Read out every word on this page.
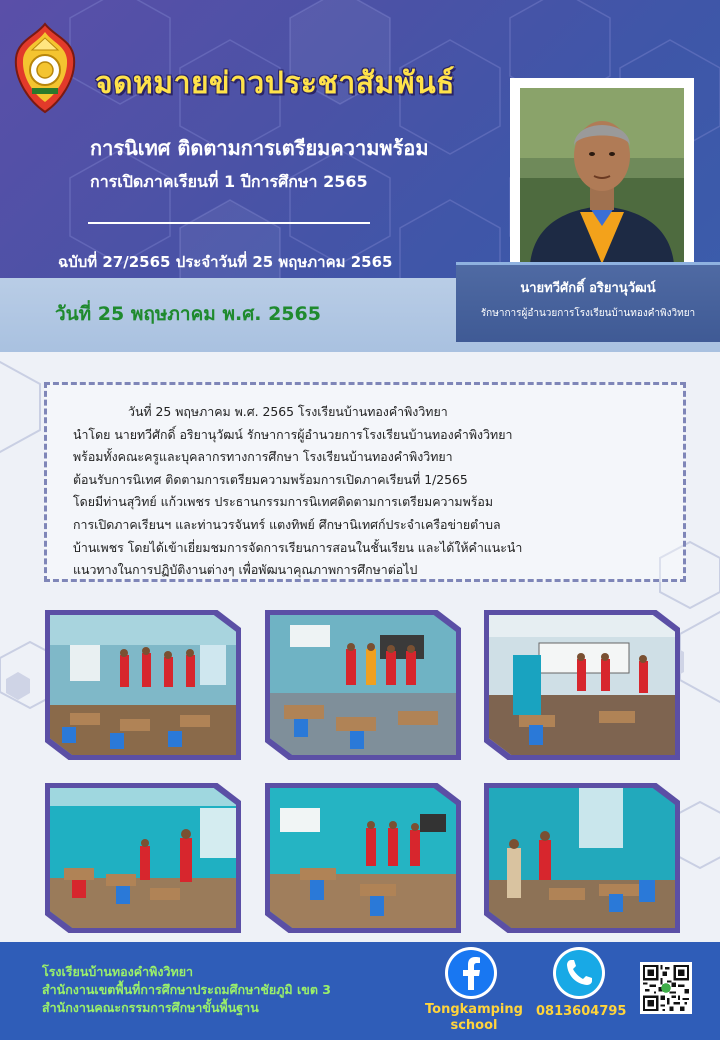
จดหมายข่าวประชาสัมพันธ์
การนิเทศ ติดตามการเตรียมความพร้อม
การเปิดภาคเรียนที่ 1 ปีการศึกษา 2565
ฉบับที่ 27/2565 ประจำวันที่ 25 พฤษภาคม 2565
วันที่ 25 พฤษภาคม พ.ศ. 2565
นายทวีศักดิ์ อริยานุวัฒน์
รักษาการผู้อำนวยการโรงเรียนบ้านทองคำพิงวิทยา
วันที่ 25 พฤษภาคม พ.ศ. 2565 โรงเรียนบ้านทองคำพิงวิทยา
นำโดย นายทวีศักดิ์ อริยานุวัฒน์ รักษาการผู้อำนวยการโรงเรียนบ้านทองคำพิงวิทยา
พร้อมทั้งคณะครูและบุคลากรทางการศึกษา โรงเรียนบ้านทองคำพิงวิทยา
ต้อนรับการนิเทศ ติดตามการเตรียมความพร้อมการเปิดภาคเรียนที่ 1/2565
โดยมีท่านสุวิทย์ แก้วเพชร ประธานกรรมการนิเทศติดตามการเตรียมความพร้อม
การเปิดภาคเรียนฯ และท่านวรจันทร์ แตงทิพย์ ศึกษานิเทศก์ประจำเครือข่ายตำบล
บ้านเพชร โดยได้เข้าเยี่ยมชมการจัดการเรียนการสอนในชั้นเรียน และได้ให้คำแนะนำ
แนวทางในการปฏิบัติงานต่างๆ เพื่อพัฒนาคุณภาพการศึกษาต่อไป
โรงเรียนบ้านทองคำพิงวิทยา
สำนักงานเขตพื้นที่การศึกษาประถมศึกษาชัยภูมิ เขต 3
สำนักงานคณะกรรมการศึกษาขั้นพื้นฐาน	Tongkamping school
0813604795
